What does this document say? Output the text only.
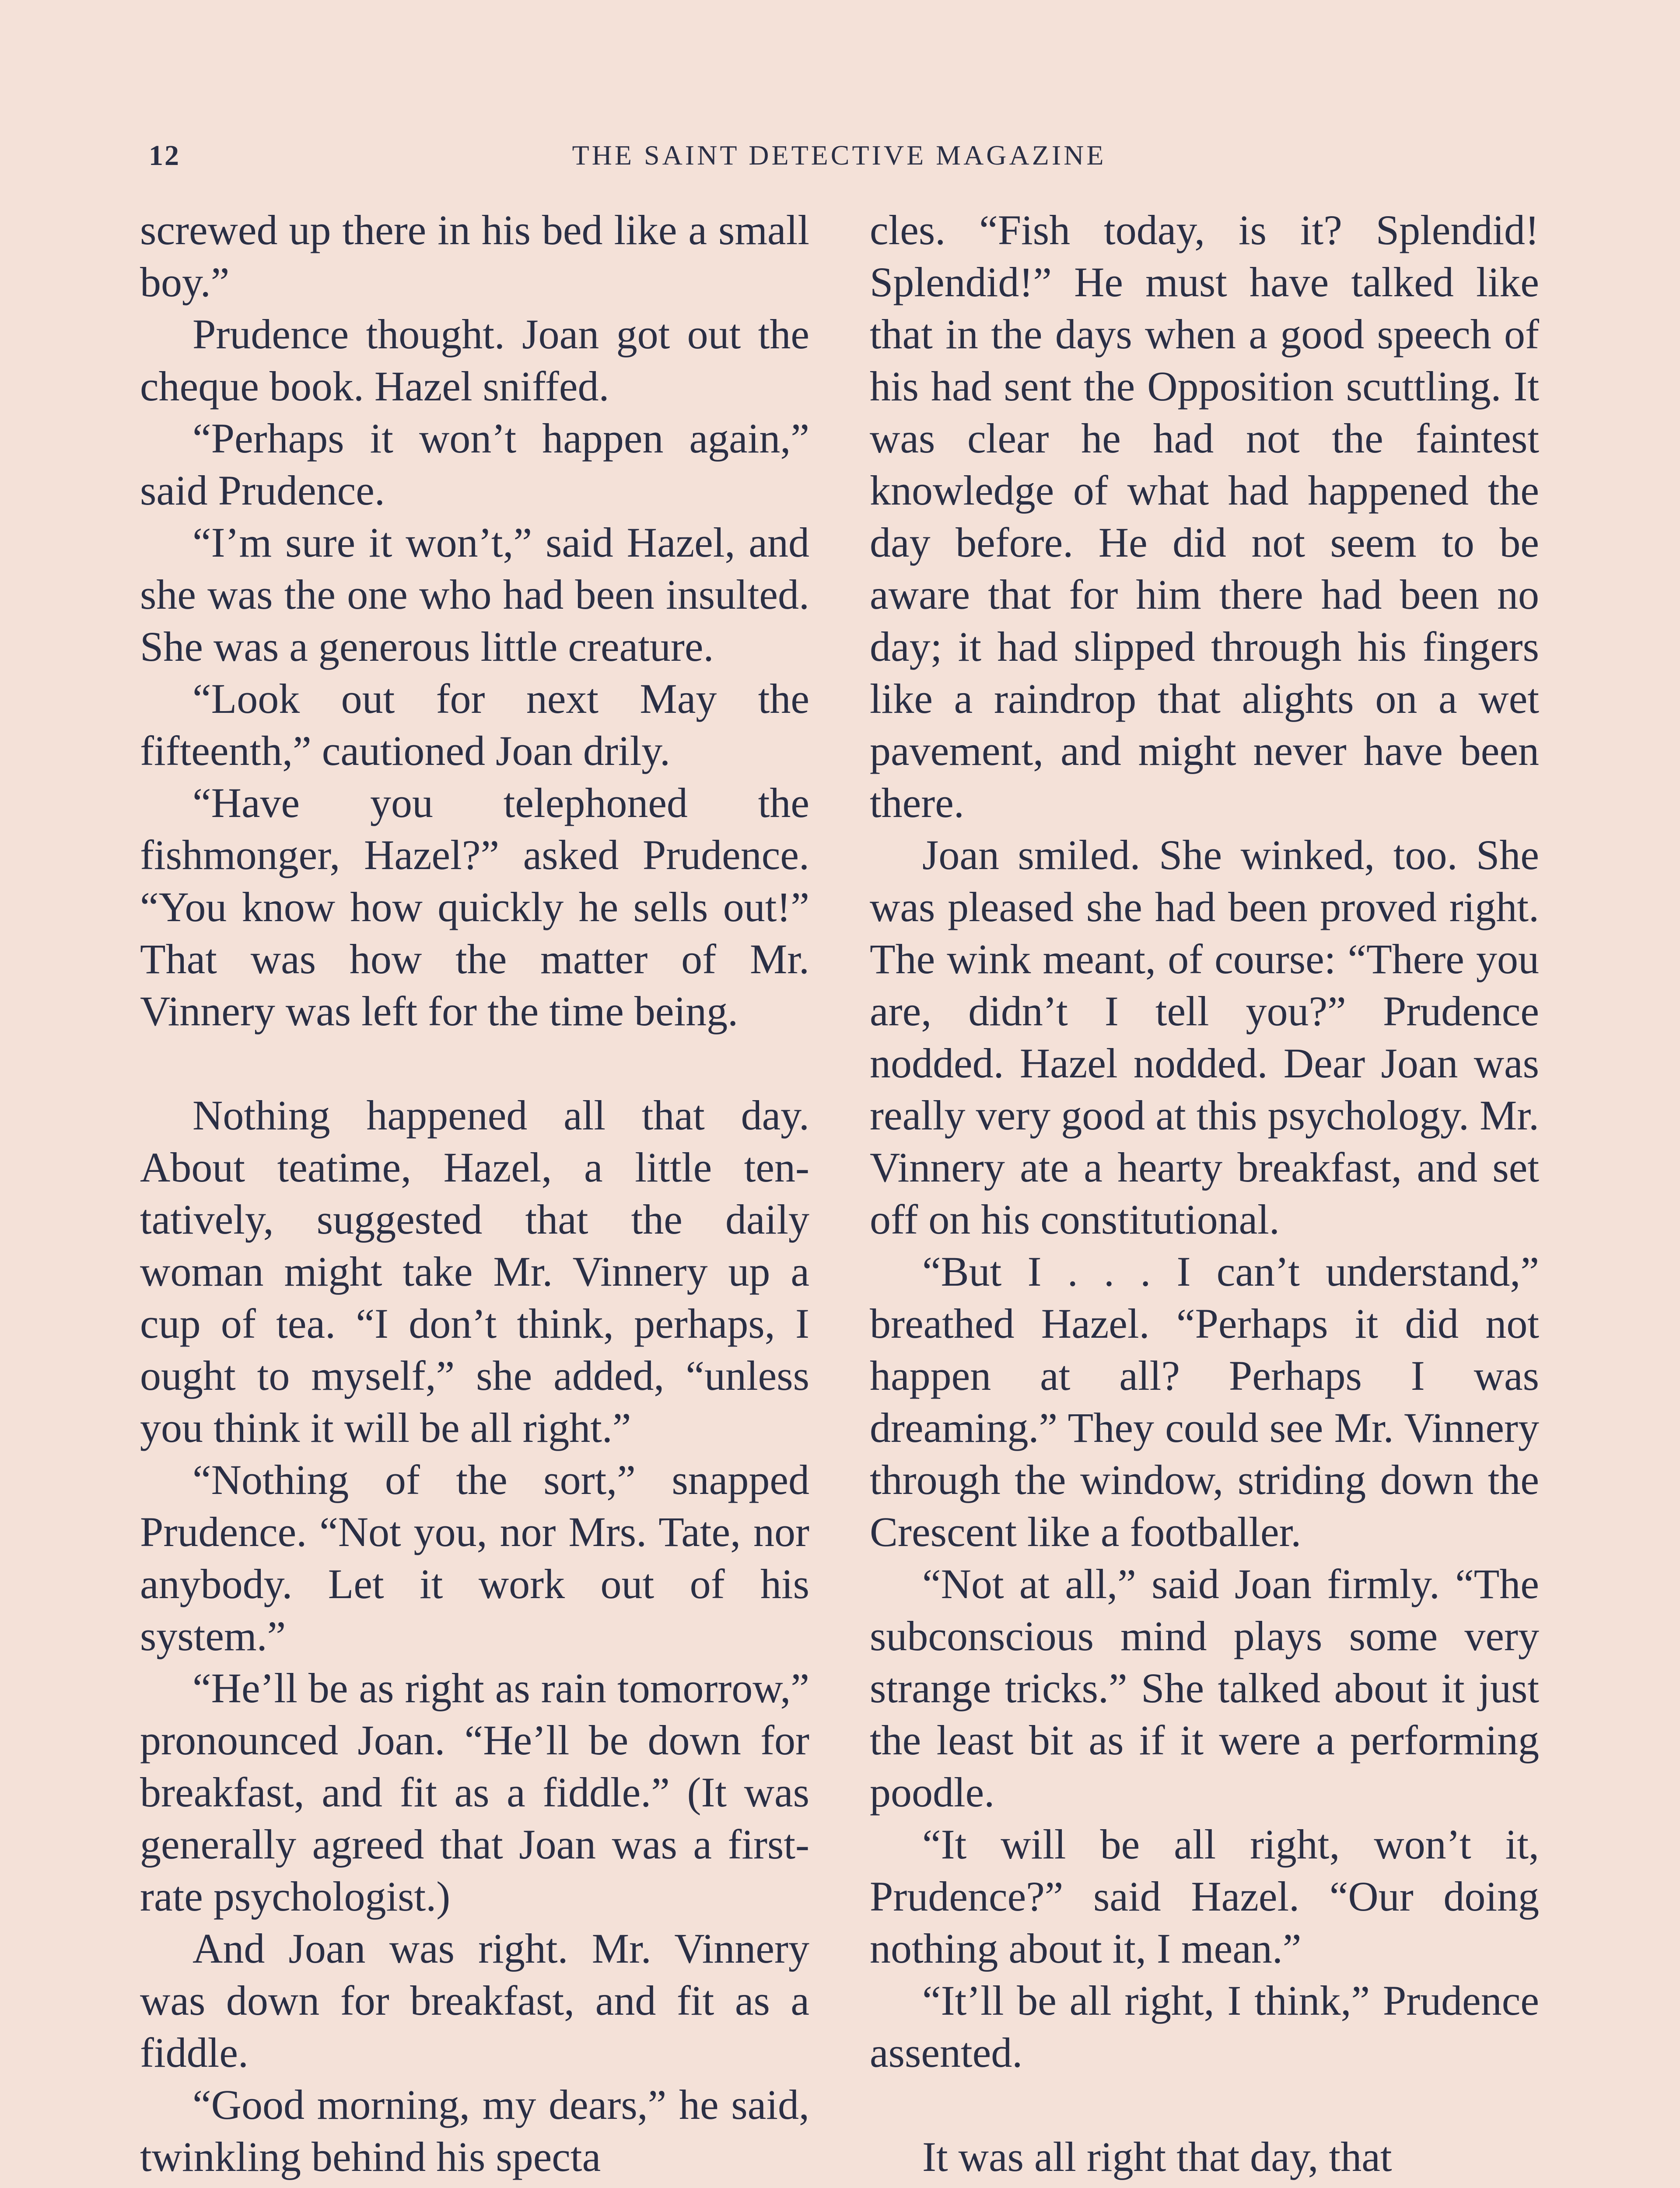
12	THE SAINT DETECTIVE MAGAZINE

screwed up there in his bed like a small boy.”

Prudence thought. Joan got out the cheque book. Hazel sniffed.

“Perhaps it won’t happen again,” said Prudence.

“I’m sure it won’t,” said Hazel, and she was the one who had been insulted. She was a generous little creature.

“Look out for next May the fifteenth,” cautioned Joan drily.

“Have you telephoned the fishmonger, Hazel?” asked Prudence. “You know how quickly he sells out!” That was how the matter of Mr. Vinnery was left for the time being.

Nothing happened all that day. About teatime, Hazel, a little tentatively, suggested that the daily woman might take Mr. Vinnery up a cup of tea. “I don’t think, perhaps, I ought to myself,” she added, “unless you think it will be all right.”

“Nothing of the sort,” snapped Prudence. “Not you, nor Mrs. Tate, nor anybody. Let it work out of his system.”

“He’ll be as right as rain tomorrow,” pronounced Joan. “He’ll be down for breakfast, and fit as a fiddle.” (It was generally agreed that Joan was a first-rate psychologist.)

And Joan was right. Mr. Vinnery was down for breakfast, and fit as a fiddle.

“Good morning, my dears,” he said, twinkling behind his specta

cles. “Fish today, is it? Splendid! Splendid!” He must have talked like that in the days when a good speech of his had sent the Opposition scuttling. It was clear he had not the faintest knowledge of what had happened the day before. He did not seem to be aware that for him there had been no day; it had slipped through his fingers like a raindrop that alights on a wet pavement, and might never have been there.

Joan smiled. She winked, too. She was pleased she had been proved right. The wink meant, of course: “There you are, didn’t I tell you?” Prudence nodded. Hazel nodded. Dear Joan was really very good at this psychology. Mr. Vinnery ate a hearty breakfast, and set off on his constitutional.

“But I . . . I can’t understand,” breathed Hazel. “Perhaps it did not happen at all? Perhaps I was dreaming.” They could see Mr. Vinnery through the window, striding down the Crescent like a footballer.

“Not at all,” said Joan firmly. “The subconscious mind plays some very strange tricks.” She talked about it just the least bit as if it were a performing poodle.

“It will be all right, won’t it, Prudence?” said Hazel. “Our doing nothing about it, I mean.”

“It’ll be all right, I think,” Prudence assented.

It was all right that day, that
